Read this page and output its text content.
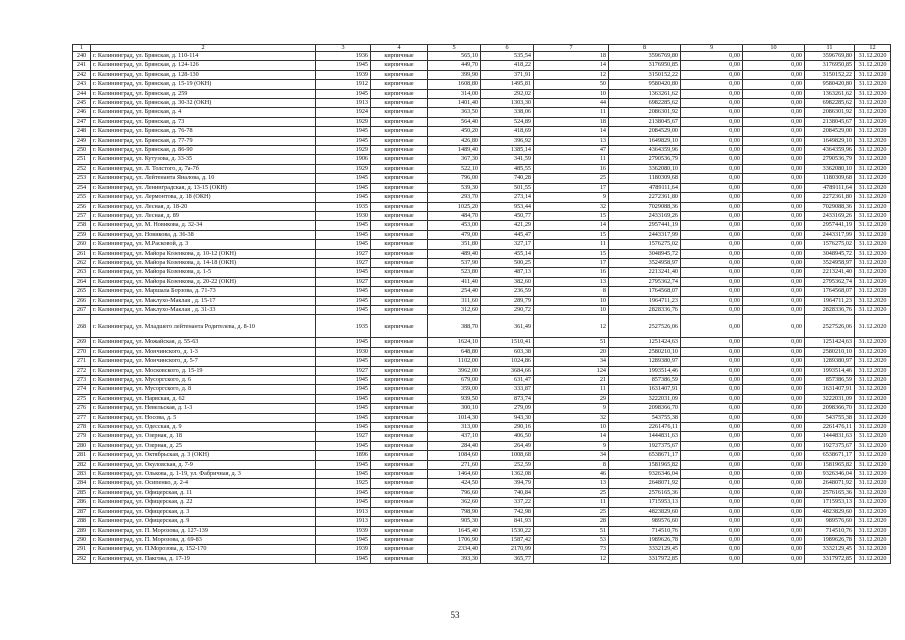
1	2	3	4	5	6	7	8	9	10	11	12
240	г. Калининград, ул. Брянская, д. 110-114	1936	кирпичные	565,10	535,54	18	3596769,80	0,00	0,00	3596769,80	31.12.2020
241	г. Калининград, ул. Брянская, д. 124-126	1945	кирпичные	449,70	418,22	14	3176950,85	0,00	0,00	3176950,85	31.12.2020
242	г. Калининград, ул. Брянская, д. 128-130	1939	кирпичные	399,90	371,91	12	3150152,22	0,00	0,00	3150152,22	31.12.2020
243	г. Калининград, ул. Брянская, д. 15-19 (ОКН)	1912	кирпичные	1608,80	1495,81	50	9580420,80	0,00	0,00	9580420,80	31.12.2020
244	г. Калининград, ул. Брянская, д. 259	1945	кирпичные	314,00	292,02	10	1363261,62	0,00	0,00	1363261,62	31.12.2020
245	г. Калининград, ул. Брянская, д. 30-32 (ОКН)	1913	кирпичные	1401,40	1303,30	44	6982285,62	0,00	0,00	6982285,62	31.12.2020
246	г. Калининград, ул. Брянская, д. 4	1924	кирпичные	363,50	338,06	11	2086301,92	0,00	0,00	2086301,92	31.12.2020
247	г. Калининград, ул. Брянская, д. 73	1929	кирпичные	564,40	524,89	18	2138045,67	0,00	0,00	2138045,67	31.12.2020
248	г. Калининград, ул. Брянская, д. 76-78	1945	кирпичные	450,20	418,69	14	2084529,00	0,00	0,00	2084529,00	31.12.2020
249	г. Калининград, ул. Брянская, д. 77-79	1945	кирпичные	426,80	396,92	13	1649829,10	0,00	0,00	1649829,10	31.12.2020
250	г. Калининград, ул. Брянская, д. 86-90	1929	кирпичные	1489,40	1385,14	47	4364359,96	0,00	0,00	4364359,96	31.12.2020
251	г. Калининград, ул. Кутузова, д. 33-35	1906	кирпичные	367,30	341,59	11	2790536,79	0,00	0,00	2790536,79	31.12.2020
252	г. Калининград, ул. Л. Толстого, д. 7а-7б	1929	кирпичные	522,10	485,55	16	3362080,10	0,00	0,00	3362080,10	31.12.2020
253	г. Калининград, ул. Лейтенанта Яналова, д. 10	1945	кирпичные	796,00	740,28	25	1180309,68	0,00	0,00	1180309,68	31.12.2020
254	г. Калининград, ул. Ленинградская, д. 13-15 (ОКН)	1945	кирпичные	539,30	501,55	17	4789111,64	0,00	0,00	4789111,64	31.12.2020
255	г. Калининград, ул. Лермонтова, д. 18 (ОКН)	1945	кирпичные	293,70	273,14	9	2272361,80	0,00	0,00	2272361,80	31.12.2020
256	г. Калининград, ул. Лесная, д. 18-20	1935	кирпичные	1025,20	953,44	32	7029088,36	0,00	0,00	7029088,36	31.12.2020
257	г. Калининград, ул. Лесная, д. 89	1930	кирпичные	484,70	450,77	15	2433169,26	0,00	0,00	2433169,26	31.12.2020
258	г. Калининград, ул. М. Новикова, д. 32-34	1945	кирпичные	453,00	421,29	14	2957441,19	0,00	0,00	2957441,19	31.12.2020
259	г. Калининград, ул. Новикова, д. 36-38	1945	кирпичные	479,00	445,47	15	2443317,99	0,00	0,00	2443317,99	31.12.2020
260	г. Калининград, ул. М.Расковой, д. 3	1945	кирпичные	351,80	327,17	11	1576275,02	0,00	0,00	1576275,02	31.12.2020
261	г. Калининград, ул. Майора Козенкова, д. 10-12 (ОКН)	1927	кирпичные	489,40	455,14	15	3048945,72	0,00	0,00	3048945,72	31.12.2020
262	г. Калининград, ул. Майора Козенкова, д. 14-18 (ОКН)	1927	кирпичные	537,90	500,25	17	3524958,97	0,00	0,00	3524958,97	31.12.2020
263	г. Калининград, ул. Майора Козенкова, д. 1-5	1945	кирпичные	523,80	487,13	16	2213241,40	0,00	0,00	2213241,40	31.12.2020
264	г. Калининград, ул. Майора Козенкова, д. 20-22 (ОКН)	1927	кирпичные	411,40	382,60	13	2795362,74	0,00	0,00	2795362,74	31.12.2020
265	г. Калининград, ул. Маршала Борзова, д. 71-73	1945	кирпичные	254,40	236,59	8	1764568,07	0,00	0,00	1764568,07	31.12.2020
266	г. Калининград, ул. Маклухо-Маклая , д. 15-17	1945	кирпичные	311,60	289,79	10	1964711,23	0,00	0,00	1964711,23	31.12.2020
267	г. Калининград, ул. Маклухо-Маклая , д. 31-33	1945	кирпичные	312,60	290,72	10	2828336,76	0,00	0,00	2828336,76	31.12.2020
268	г. Калининград, ул. Младшего лейтенанта Родителева, д. 8-10	1935	кирпичные	388,70	361,49	12	2527526,06	0,00	0,00	2527526,06	31.12.2020
269	г. Калининград, ул. Можайская, д. 55-63	1945	кирпичные	1624,10	1510,41	51	1251424,63	0,00	0,00	1251424,63	31.12.2020
270	г. Калининград, ул. Мончинского, д. 1-3	1930	кирпичные	648,80	603,38	20	2580210,10	0,00	0,00	2580210,10	31.12.2020
271	г. Калининград, ул. Мончинского, д. 5-7	1945	кирпичные	1102,00	1024,86	34	1289380,97	0,00	0,00	1289380,97	31.12.2020
272	г. Калининград, ул. Московского, д. 15-19	1927	кирпичные	3962,00	3684,66	124	1993514,46	0,00	0,00	1993514,46	31.12.2020
273	г. Калининград, ул. Мусоргского, д. 6	1945	кирпичные	679,00	631,47	21	857386,59	0,00	0,00	857386,59	31.12.2020
274	г. Калининград, ул. Мусоргского, д. 8	1945	кирпичные	359,00	333,87	11	1631407,91	0,00	0,00	1631407,91	31.12.2020
275	г. Калининград, ул. Нарвская, д. 62	1945	кирпичные	939,50	873,74	29	3222031,09	0,00	0,00	3222031,09	31.12.2020
276	г. Калининград, ул. Невельская, д. 1-3	1945	кирпичные	300,10	279,09	9	2098366,70	0,00	0,00	2098366,70	31.12.2020
277	г. Калининград, ул. Носова, д. 5	1945	кирпичные	1014,30	943,30	32	543755,38	0,00	0,00	543755,38	31.12.2020
278	г. Калининград, ул. Одесская, д. 9	1945	кирпичные	313,00	290,16	10	2261476,11	0,00	0,00	2261476,11	31.12.2020
279	г. Калининград, ул. Озерная, д. 18	1927	кирпичные	437,10	406,50	14	1444831,63	0,00	0,00	1444831,63	31.12.2020
280	г. Калининград, ул. Озерная, д. 25	1945	кирпичные	284,40	264,49	9	1927375,67	0,00	0,00	1927375,67	31.12.2020
281	г. Калининград, ул. Октябрьская, д. 3 (ОКН)	1896	кирпичные	1084,60	1008,68	34	6538671,17	0,00	0,00	6538671,17	31.12.2020
282	г. Калининград, ул. Окуловская, д. 7-9	1945	кирпичные	271,60	252,59	8	1581965,82	0,00	0,00	1581965,82	31.12.2020
283	г. Калининград, ул. Олькова, д. 1-19, ул. Фабричная, д. 3	1945	кирпичные	1464,60	1362,08	46	9326346,04	0,00	0,00	9326346,04	31.12.2020
284	г. Калининград, ул. Осипенко, д. 2-4	1925	кирпичные	424,50	394,79	13	2648071,92	0,00	0,00	2648071,92	31.12.2020
285	г. Калининград, ул. Офицерская, д. 11	1945	кирпичные	796,60	740,84	25	2576165,36	0,00	0,00	2576165,36	31.12.2020
286	г. Калининград, ул. Офицерская, д. 22	1945	кирпичные	362,60	337,22	11	1715953,13	0,00	0,00	1715953,13	31.12.2020
287	г. Калининград, ул. Офицерская, д. 3	1913	кирпичные	798,90	742,98	25	4823829,60	0,00	0,00	4823829,60	31.12.2020
288	г. Калининград, ул. Офицерская, д. 9	1913	кирпичные	905,30	841,93	28	989576,60	0,00	0,00	989576,60	31.12.2020
289	г. Калининград, ул. П. Морозова, д. 127-139	1939	кирпичные	1645,40	1530,22	51	714510,76	0,00	0,00	714510,76	31.12.2020
290	г. Калининград, ул. П. Морозова, д. 69-83	1945	кирпичные	1706,90	1587,42	53	1989626,78	0,00	0,00	1989626,78	31.12.2020
291	г. Калининград, ул. П.Морозова, д. 152-170	1939	кирпичные	2334,40	2170,99	73	3332129,45	0,00	0,00	3332129,45	31.12.2020
292	г. Калининград, ул. Пакгова, д. 17-19	1945	кирпичные	393,30	365,77	12	3317972,85	0,00	0,00	3317972,85	31.12.2020
53
